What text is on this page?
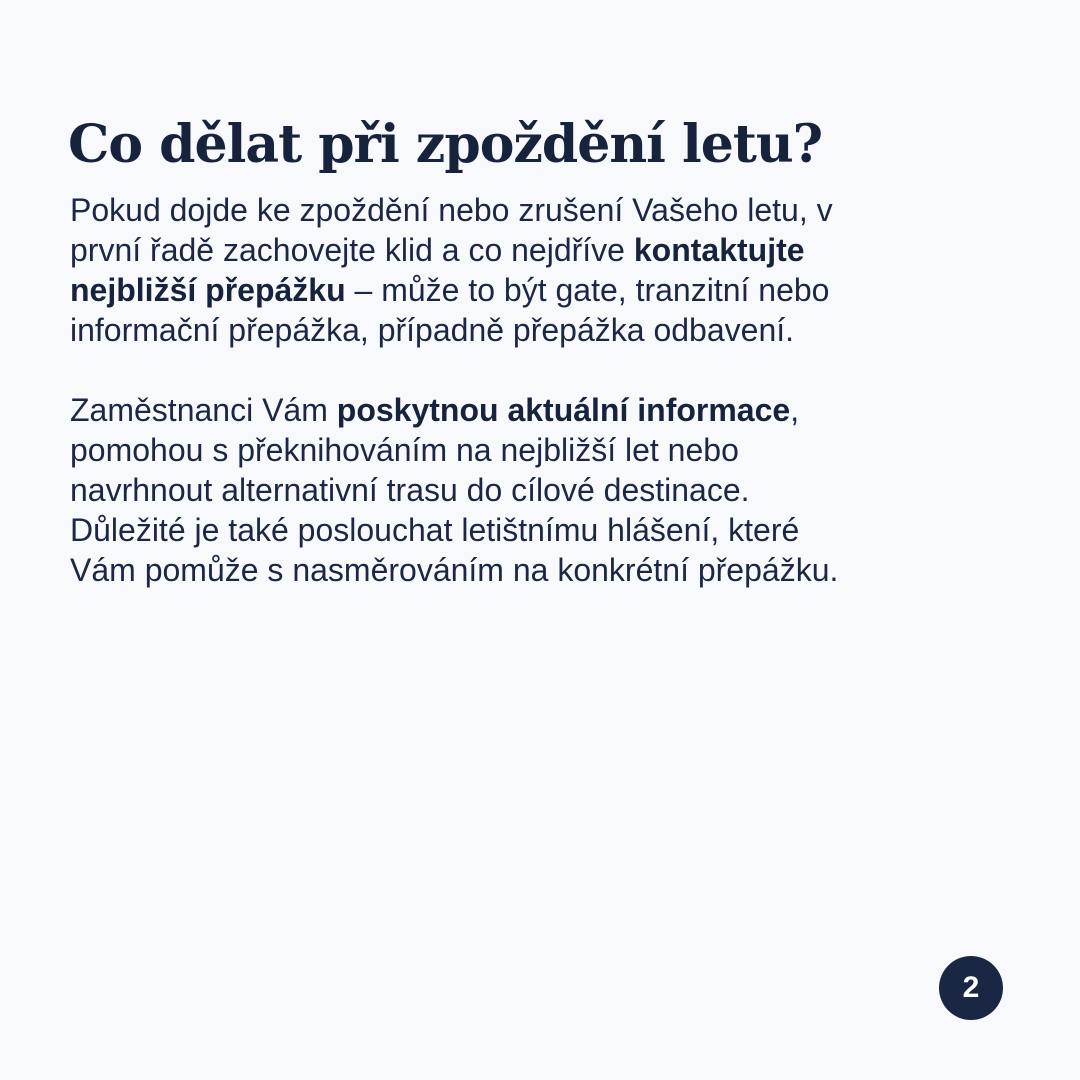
Co dělat při zpoždění letu?

Pokud dojde ke zpoždění nebo zrušení Vašeho letu, v
první řadě zachovejte klid a co nejdříve kontaktujte
nejbližší přepážku – může to být gate, tranzitní nebo
informační přepážka, případně přepážka odbavení.

Zaměstnanci Vám poskytnou aktuální informace,
pomohou s překnihováním na nejbližší let nebo
navrhnout alternativní trasu do cílové destinace.
Důležité je také poslouchat letištnímu hlášení, které
Vám pomůže s nasměrováním na konkrétní přepážku.

2
